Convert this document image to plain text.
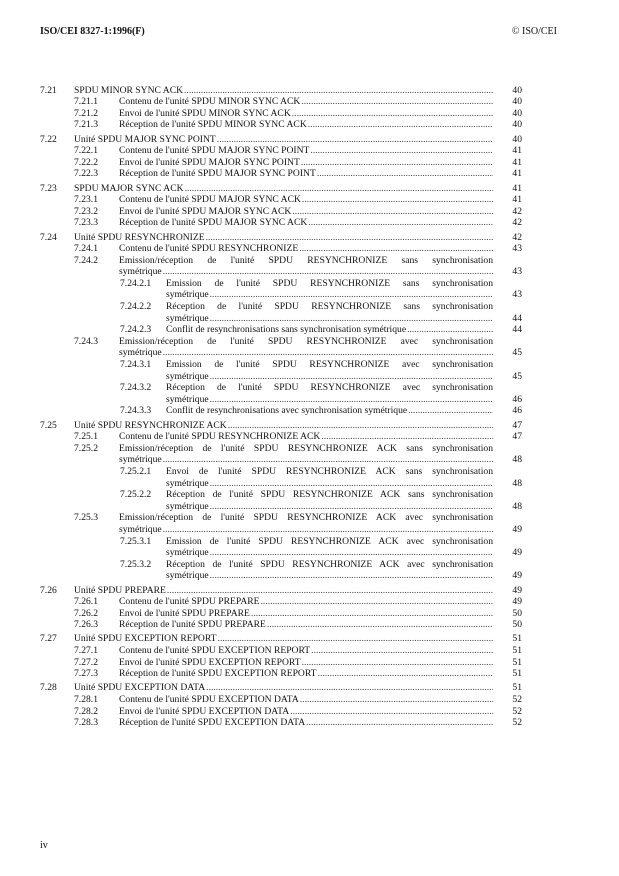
ISO/CEI 8327-1:1996(F)	© ISO/CEI
7.21 SPDU MINOR SYNC ACK .....	40
7.21.1 Contenu de l'unité SPDU MINOR SYNC ACK .....	40
7.21.2 Envoi de l'unité SPDU MINOR SYNC ACK .....	40
7.21.3 Réception de l'unité SPDU MINOR SYNC ACK .....	40
7.22 Unité SPDU MAJOR SYNC POINT .....	40
7.22.1 Contenu de l'unité SPDU MAJOR SYNC POINT .....	41
7.22.2 Envoi de l'unité SPDU MAJOR SYNC POINT .....	41
7.22.3 Réception de l'unité SPDU MAJOR SYNC POINT .....	41
7.23 SPDU MAJOR SYNC ACK .....	41
7.23.1 Contenu de l'unité SPDU MAJOR SYNC ACK .....	41
7.23.2 Envoi de l'unité SPDU MAJOR SYNC ACK .....	42
7.23.3 Réception de l'unité SPDU MAJOR SYNC ACK .....	42
7.24 Unité SPDU RESYNCHRONIZE .....	42
7.24.1 Contenu de l'unité SPDU RESYNCHRONIZE .....	43
7.24.2 Emission/réception de l'unité SPDU RESYNCHRONIZE sans synchronisation
symétrique .....	43
7.24.2.1 Emission de l'unité SPDU RESYNCHRONIZE sans synchronisation
symétrique .....	43
7.24.2.2 Réception de l'unité SPDU RESYNCHRONIZE sans synchronisation
symétrique .....	44
7.24.2.3 Conflit de resynchronisations sans synchronisation symétrique .....	44
7.24.3 Emission/réception de l'unité SPDU RESYNCHRONIZE avec synchronisation
symétrique .....	45
7.24.3.1 Emission de l'unité SPDU RESYNCHRONIZE avec synchronisation
symétrique .....	45
7.24.3.2 Réception de l'unité SPDU RESYNCHRONIZE avec synchronisation
symétrique .....	46
7.24.3.3 Conflit de resynchronisations avec synchronisation symétrique .....	46
7.25 Unité SPDU RESYNCHRONIZE ACK .....	47
7.25.1 Contenu de l'unité SPDU RESYNCHRONIZE ACK .....	47
7.25.2 Emission/réception de l'unité SPDU RESYNCHRONIZE ACK sans synchronisation
symétrique .....	48
7.25.2.1 Envoi de l'unité SPDU RESYNCHRONIZE ACK sans synchronisation
symétrique .....	48
7.25.2.2 Réception de l'unité SPDU RESYNCHRONIZE ACK sans synchronisation
symétrique .....	48
7.25.3 Emission/réception de l'unité SPDU RESYNCHRONIZE ACK avec synchronisation
symétrique .....	49
7.25.3.1 Emission de l'unité SPDU RESYNCHRONIZE ACK avec synchronisation
symétrique .....	49
7.25.3.2 Réception de l'unité SPDU RESYNCHRONIZE ACK avec synchronisation
symétrique .....	49
7.26 Unité SPDU PREPARE .....	49
7.26.1 Contenu de l'unité SPDU PREPARE .....	49
7.26.2 Envoi de l'unité SPDU PREPARE .....	50
7.26.3 Réception de l'unité SPDU PREPARE .....	50
7.27 Unité SPDU EXCEPTION REPORT .....	51
7.27.1 Contenu de l'unité SPDU EXCEPTION REPORT .....	51
7.27.2 Envoi de l'unité SPDU EXCEPTION REPORT .....	51
7.27.3 Réception de l'unité SPDU EXCEPTION REPORT .....	51
7.28 Unité SPDU EXCEPTION DATA .....	51
7.28.1 Contenu de l'unité SPDU EXCEPTION DATA .....	52
7.28.2 Envoi de l'unité SPDU EXCEPTION DATA .....	52
7.28.3 Réception de l'unité SPDU EXCEPTION DATA .....	52
iv
